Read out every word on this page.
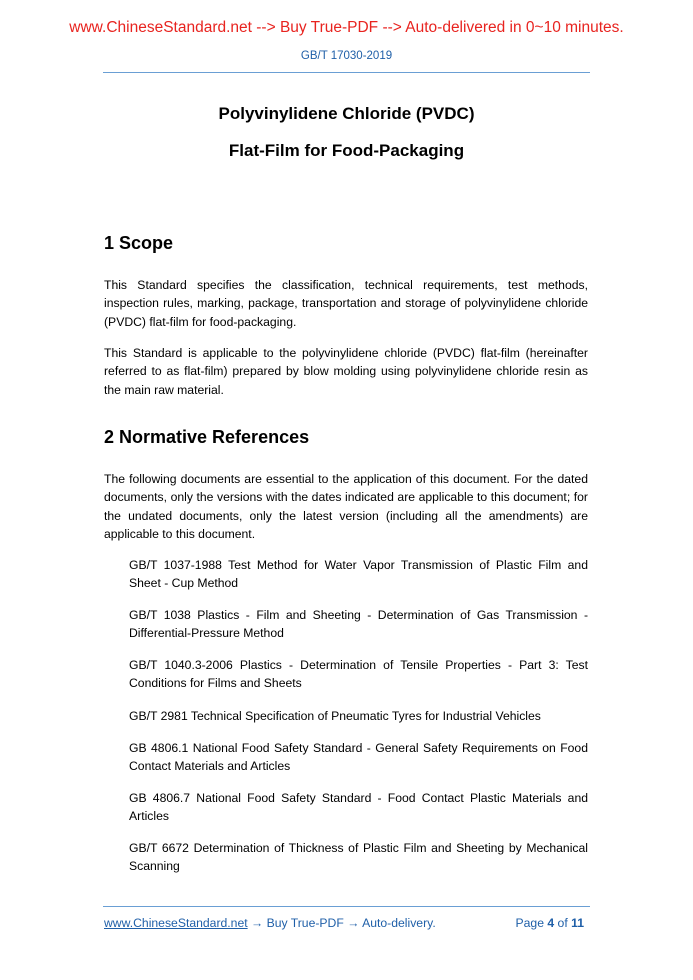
www.ChineseStandard.net --> Buy True-PDF --> Auto-delivered in 0~10 minutes.
GB/T 17030-2019
Polyvinylidene Chloride (PVDC)
Flat-Film for Food-Packaging
1 Scope

This Standard specifies the classification, technical requirements, test methods, inspection rules, marking, package, transportation and storage of polyvinylidene chloride (PVDC) flat-film for food-packaging.

This Standard is applicable to the polyvinylidene chloride (PVDC) flat-film (hereinafter referred to as flat-film) prepared by blow molding using polyvinylidene chloride resin as the main raw material.

2 Normative References

The following documents are essential to the application of this document. For the dated documents, only the versions with the dates indicated are applicable to this document; for the undated documents, only the latest version (including all the amendments) are applicable to this document.

GB/T 1037-1988 Test Method for Water Vapor Transmission of Plastic Film and Sheet - Cup Method

GB/T 1038 Plastics - Film and Sheeting - Determination of Gas Transmission - Differential-Pressure Method

GB/T 1040.3-2006 Plastics - Determination of Tensile Properties - Part 3: Test Conditions for Films and Sheets

GB/T 2981 Technical Specification of Pneumatic Tyres for Industrial Vehicles

GB 4806.1 National Food Safety Standard - General Safety Requirements on Food Contact Materials and Articles

GB 4806.7 National Food Safety Standard - Food Contact Plastic Materials and Articles

GB/T 6672 Determination of Thickness of Plastic Film and Sheeting by Mechanical Scanning

www.ChineseStandard.net → Buy True-PDF → Auto-delivery.	Page 4 of 11
